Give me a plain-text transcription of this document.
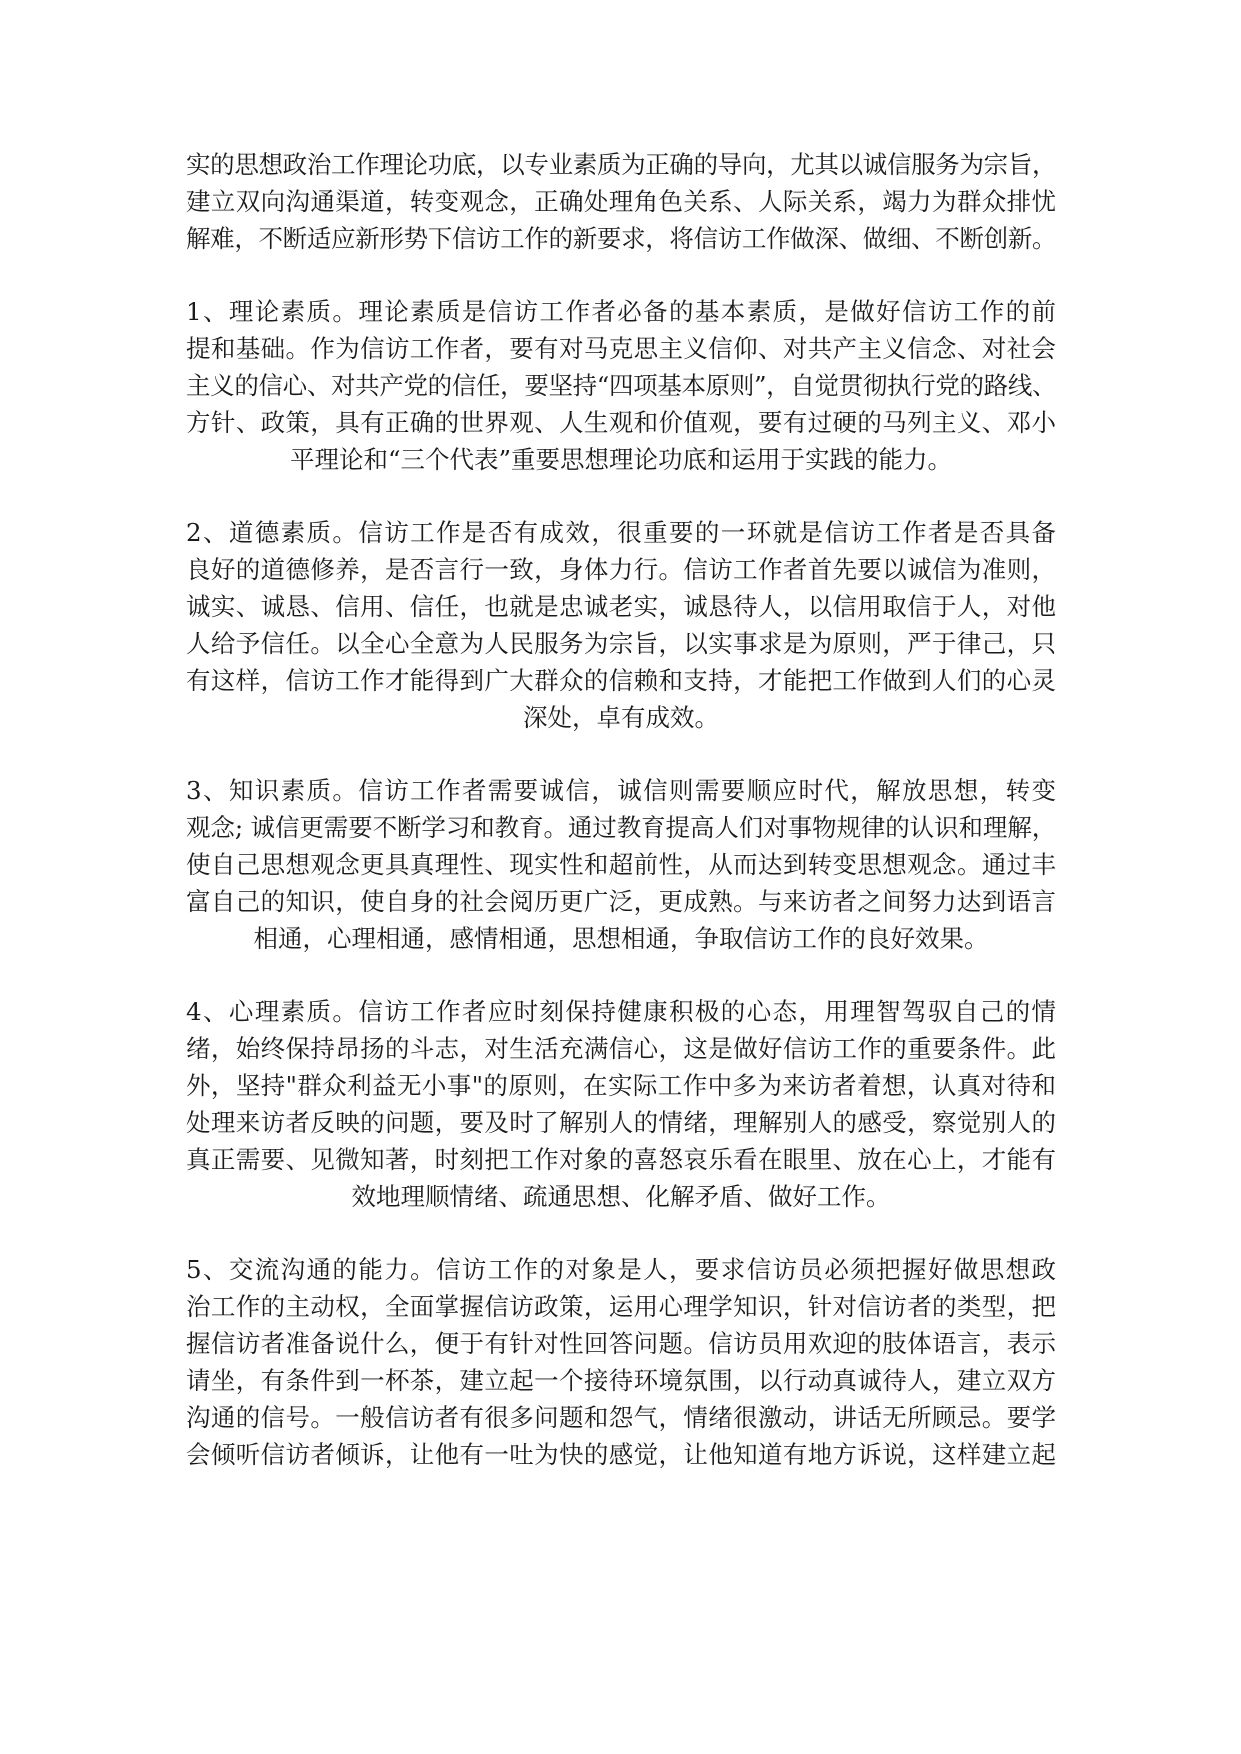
实的思想政治工作理论功底，以专业素质为正确的导向，尤其以诚信服务为宗旨，
建立双向沟通渠道，转变观念，正确处理角色关系、人际关系，竭力为群众排忧
解难，不断适应新形势下信访工作的新要求，将信访工作做深、做细、不断创新。

1、理论素质。理论素质是信访工作者必备的基本素质，是做好信访工作的前
提和基础。作为信访工作者，要有对马克思主义信仰、对共产主义信念、对社会
主义的信心、对共产党的信任，要坚持“四项基本原则”，自觉贯彻执行党的路线、
方针、政策，具有正确的世界观、人生观和价值观，要有过硬的马列主义、邓小
平理论和“三个代表”重要思想理论功底和运用于实践的能力。

2、道德素质。信访工作是否有成效，很重要的一环就是信访工作者是否具备
良好的道德修养，是否言行一致，身体力行。信访工作者首先要以诚信为准则，
诚实、诚恳、信用、信任，也就是忠诚老实，诚恳待人，以信用取信于人，对他
人给予信任。以全心全意为人民服务为宗旨，以实事求是为原则，严于律己，只
有这样，信访工作才能得到广大群众的信赖和支持，才能把工作做到人们的心灵
深处，卓有成效。

3、知识素质。信访工作者需要诚信，诚信则需要顺应时代，解放思想，转变
观念; 诚信更需要不断学习和教育。通过教育提高人们对事物规律的认识和理解，
使自己思想观念更具真理性、现实性和超前性，从而达到转变思想观念。通过丰
富自己的知识，使自身的社会阅历更广泛，更成熟。与来访者之间努力达到语言
相通，心理相通，感情相通，思想相通，争取信访工作的良好效果。

4、心理素质。信访工作者应时刻保持健康积极的心态，用理智驾驭自己的情
绪，始终保持昂扬的斗志，对生活充满信心，这是做好信访工作的重要条件。此
外，坚持"群众利益无小事"的原则，在实际工作中多为来访者着想，认真对待和
处理来访者反映的问题，要及时了解别人的情绪，理解别人的感受，察觉别人的
真正需要、见微知著，时刻把工作对象的喜怒哀乐看在眼里、放在心上，才能有
效地理顺情绪、疏通思想、化解矛盾、做好工作。

5、交流沟通的能力。信访工作的对象是人，要求信访员必须把握好做思想政
治工作的主动权，全面掌握信访政策，运用心理学知识，针对信访者的类型，把
握信访者准备说什么，便于有针对性回答问题。信访员用欢迎的肢体语言，表示
请坐，有条件到一杯茶，建立起一个接待环境氛围，以行动真诚待人，建立双方
沟通的信号。一般信访者有很多问题和怨气，情绪很激动，讲话无所顾忌。要学
会倾听信访者倾诉，让他有一吐为快的感觉，让他知道有地方诉说，这样建立起
